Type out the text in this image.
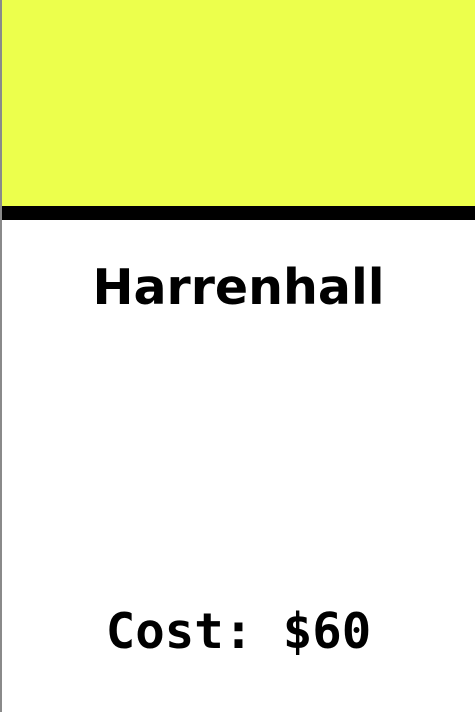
Harrenhall
Cost: $60
